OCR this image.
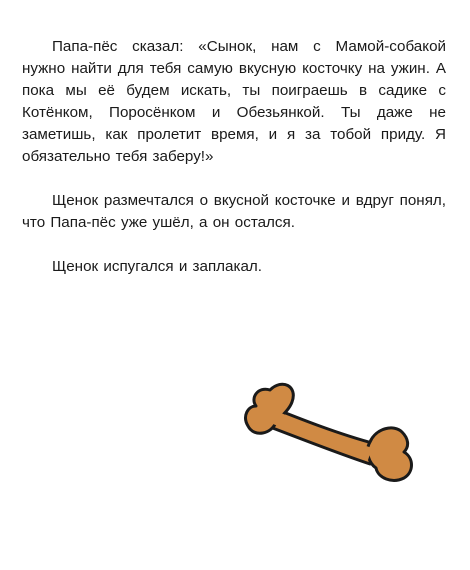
Папа-пёс сказал: «Сынок, нам с Мамой-собакой нужно найти для тебя самую вкусную косточку на ужин. А пока мы её будем искать, ты поиграешь в садике с Котёнком, Поросёнком и Обезьянкой. Ты даже не заметишь, как пролетит время, и я за тобой приду. Я обязательно тебя заберу!»

Щенок размечтался о вкусной косточке и вдруг понял, что Папа-пёс уже ушёл, а он остался.

Щенок испугался и заплакал.
